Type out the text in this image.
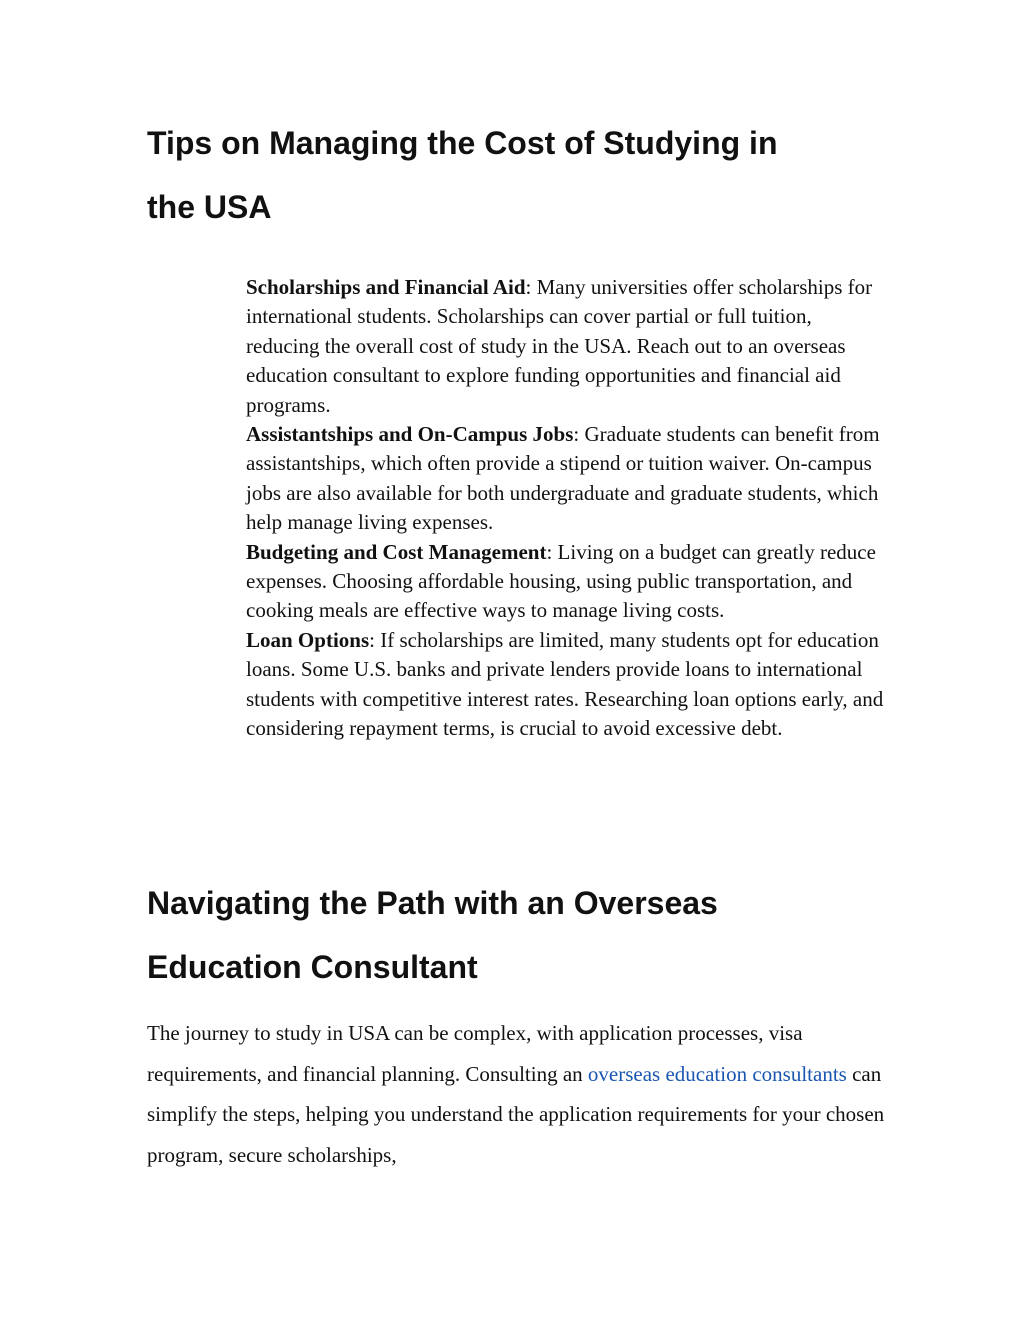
Tips on Managing the Cost of Studying in
the USA
Scholarships and Financial Aid: Many universities offer scholarships for international students. Scholarships can cover partial or full tuition, reducing the overall cost of study in the USA. Reach out to an overseas education consultant to explore funding opportunities and financial aid programs.
Assistantships and On-Campus Jobs: Graduate students can benefit from assistantships, which often provide a stipend or tuition waiver. On-campus jobs are also available for both undergraduate and graduate students, which help manage living expenses.
Budgeting and Cost Management: Living on a budget can greatly reduce expenses. Choosing affordable housing, using public transportation, and cooking meals are effective ways to manage living costs.
Loan Options: If scholarships are limited, many students opt for education loans. Some U.S. banks and private lenders provide loans to international students with competitive interest rates. Researching loan options early, and considering repayment terms, is crucial to avoid excessive debt.
Navigating the Path with an Overseas
Education Consultant

The journey to study in USA can be complex, with application processes, visa requirements, and financial planning. Consulting an overseas education consultants can simplify the steps, helping you understand the application requirements for your chosen program, secure scholarships,
